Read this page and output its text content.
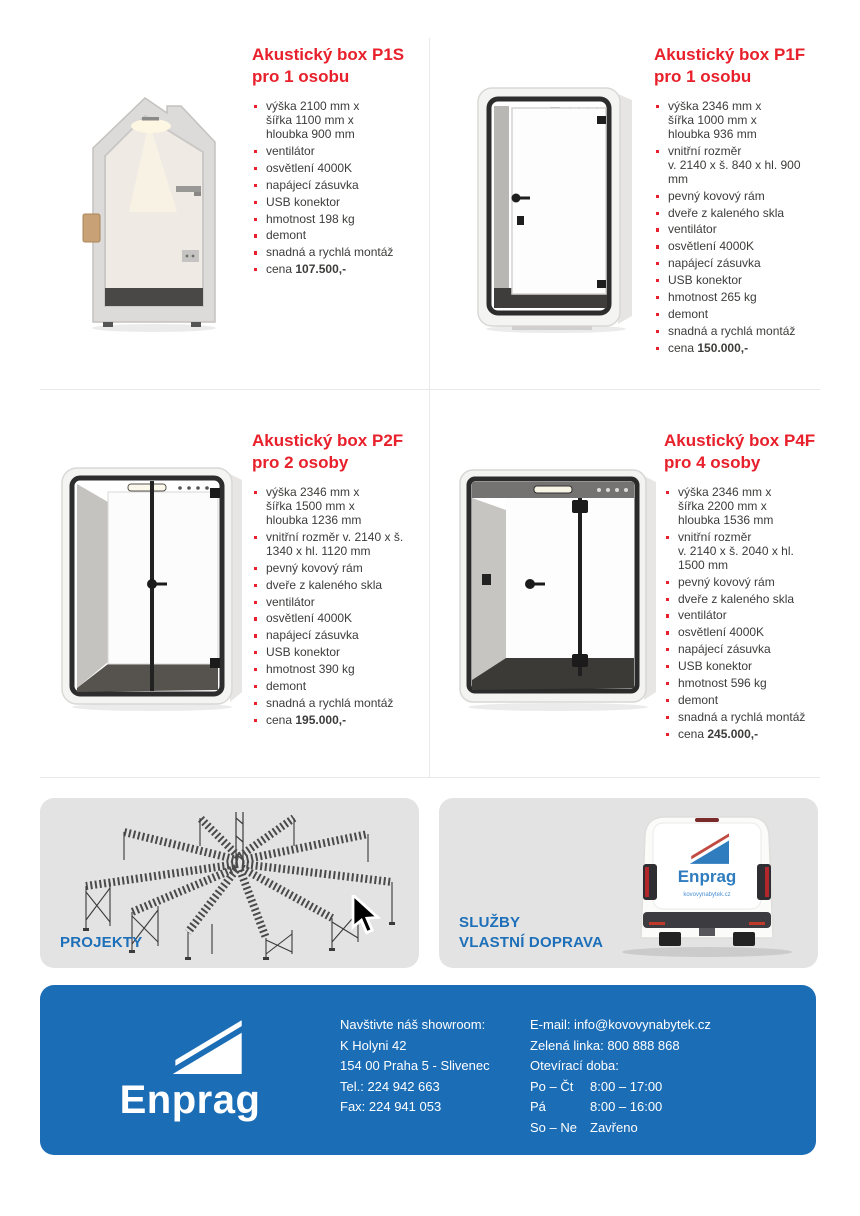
Akustický box P1S
pro 1 osobu
výška 2100 mm x
šířka 1100 mm x
hloubka 900 mm
ventilátor
osvětlení 4000K
napájecí zásuvka
USB konektor
hmotnost 198 kg
demont
snadná a rychlá montáž
cena 107.500,-
Akustický box P1F
pro 1 osobu
výška 2346 mm x
šířka 1000 mm x
hloubka 936 mm
vnitřní rozměr
v. 2140 x š. 840 x hl. 900 mm
pevný kovový rám
dveře z kaleného skla
ventilátor
osvětlení 4000K
napájecí zásuvka
USB konektor
hmotnost 265 kg
demont
snadná a rychlá montáž
cena 150.000,-
Akustický box P2F
pro 2 osoby
výška 2346 mm x
šířka 1500 mm x
hloubka 1236 mm
vnitřní rozměr v. 2140 x š.
1340 x hl. 1120 mm
pevný kovový rám
dveře z kaleného skla
ventilátor
osvětlení 4000K
napájecí zásuvka
USB konektor
hmotnost 390 kg
demont
snadná a rychlá montáž
cena 195.000,-
Akustický box P4F
pro 4 osoby
výška 2346 mm x
šířka 2200 mm x
hloubka 1536 mm
vnitřní rozměr
v. 2140 x š. 2040 x hl. 1500 mm
pevný kovový rám
dveře z kaleného skla
ventilátor
osvětlení 4000K
napájecí zásuvka
USB konektor
hmotnost 596 kg
demont
snadná a rychlá montáž
cena 245.000,-
PROJEKTY
Enprag
kovovynabytek.cz
SLUŽBY
VLASTNÍ DOPRAVA
Enprag
Navštivte náš showroom:
K Holyni 42
154 00 Praha 5 - Slivenec
Tel.: 224 942 663
Fax: 224 941 053
E-mail: info@kovovynabytek.cz
Zelená linka: 800 888 868
Otevírací doba:
Po – Čt	8:00 – 17:00
Pá	8:00 – 16:00
So – Ne	Zavřeno
